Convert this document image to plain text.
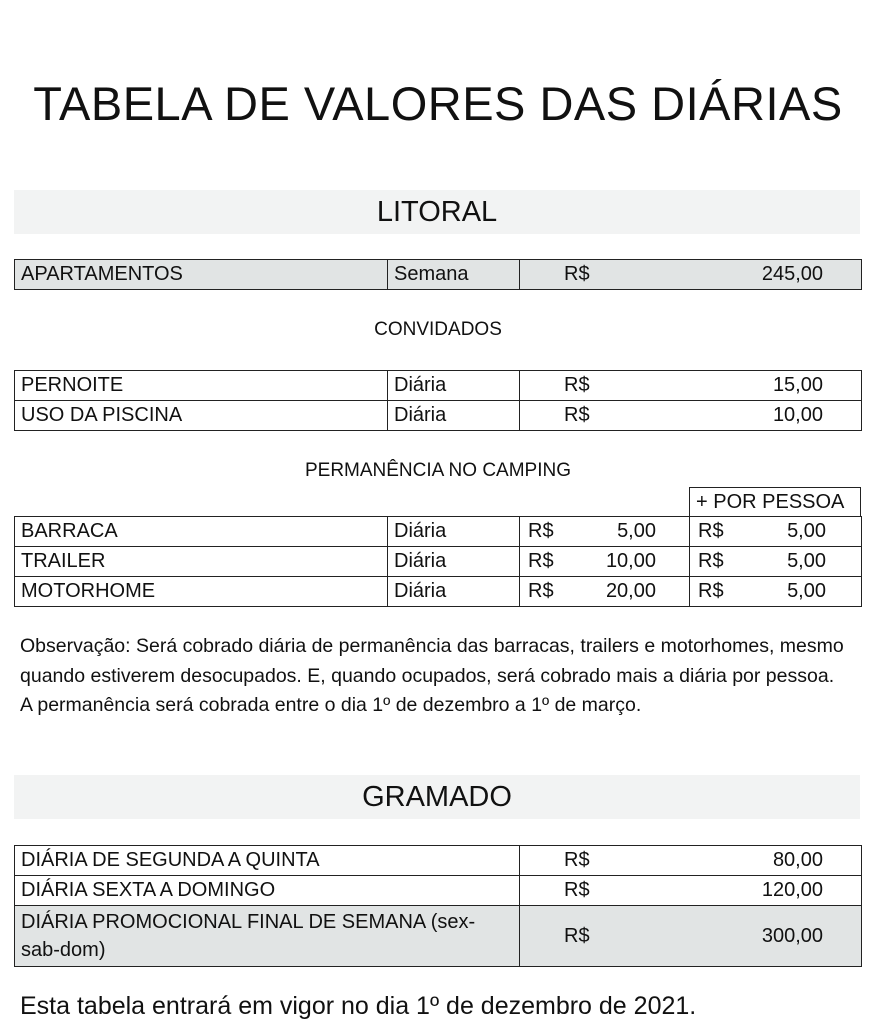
TABELA DE VALORES DAS DIÁRIAS
LITORAL
APARTAMENTOS	Semana	R$	245,00
CONVIDADOS
PERNOITE	Diária	R$ 15,00

USO DA PISCINA	Diária	R$ 10,00
PERMANÊNCIA NO CAMPING
+ POR PESSOA
BARRACA	Diária	R$ 5,00	R$ 5,00

TRAILER	Diária	R$ 10,00	R$ 5,00

MOTORHOME	Diária	R$ 20,00	R$ 5,00
Observação: Será cobrado diária de permanência das barracas, trailers e motorhomes, mesmo quando estiverem desocupados. E, quando ocupados, será cobrado mais a diária por pessoa. A permanência será cobrada entre o dia 1º de dezembro a 1º de março.
GRAMADO
DIÁRIA DE SEGUNDA A QUINTA	R$ 80,00

DIÁRIA SEXTA A DOMINGO	R$ 120,00

DIÁRIA PROMOCIONAL FINAL DE SEMANA (sex-sab-dom)	R$ 300,00
Esta tabela entrará em vigor no dia 1º de dezembro de 2021.
